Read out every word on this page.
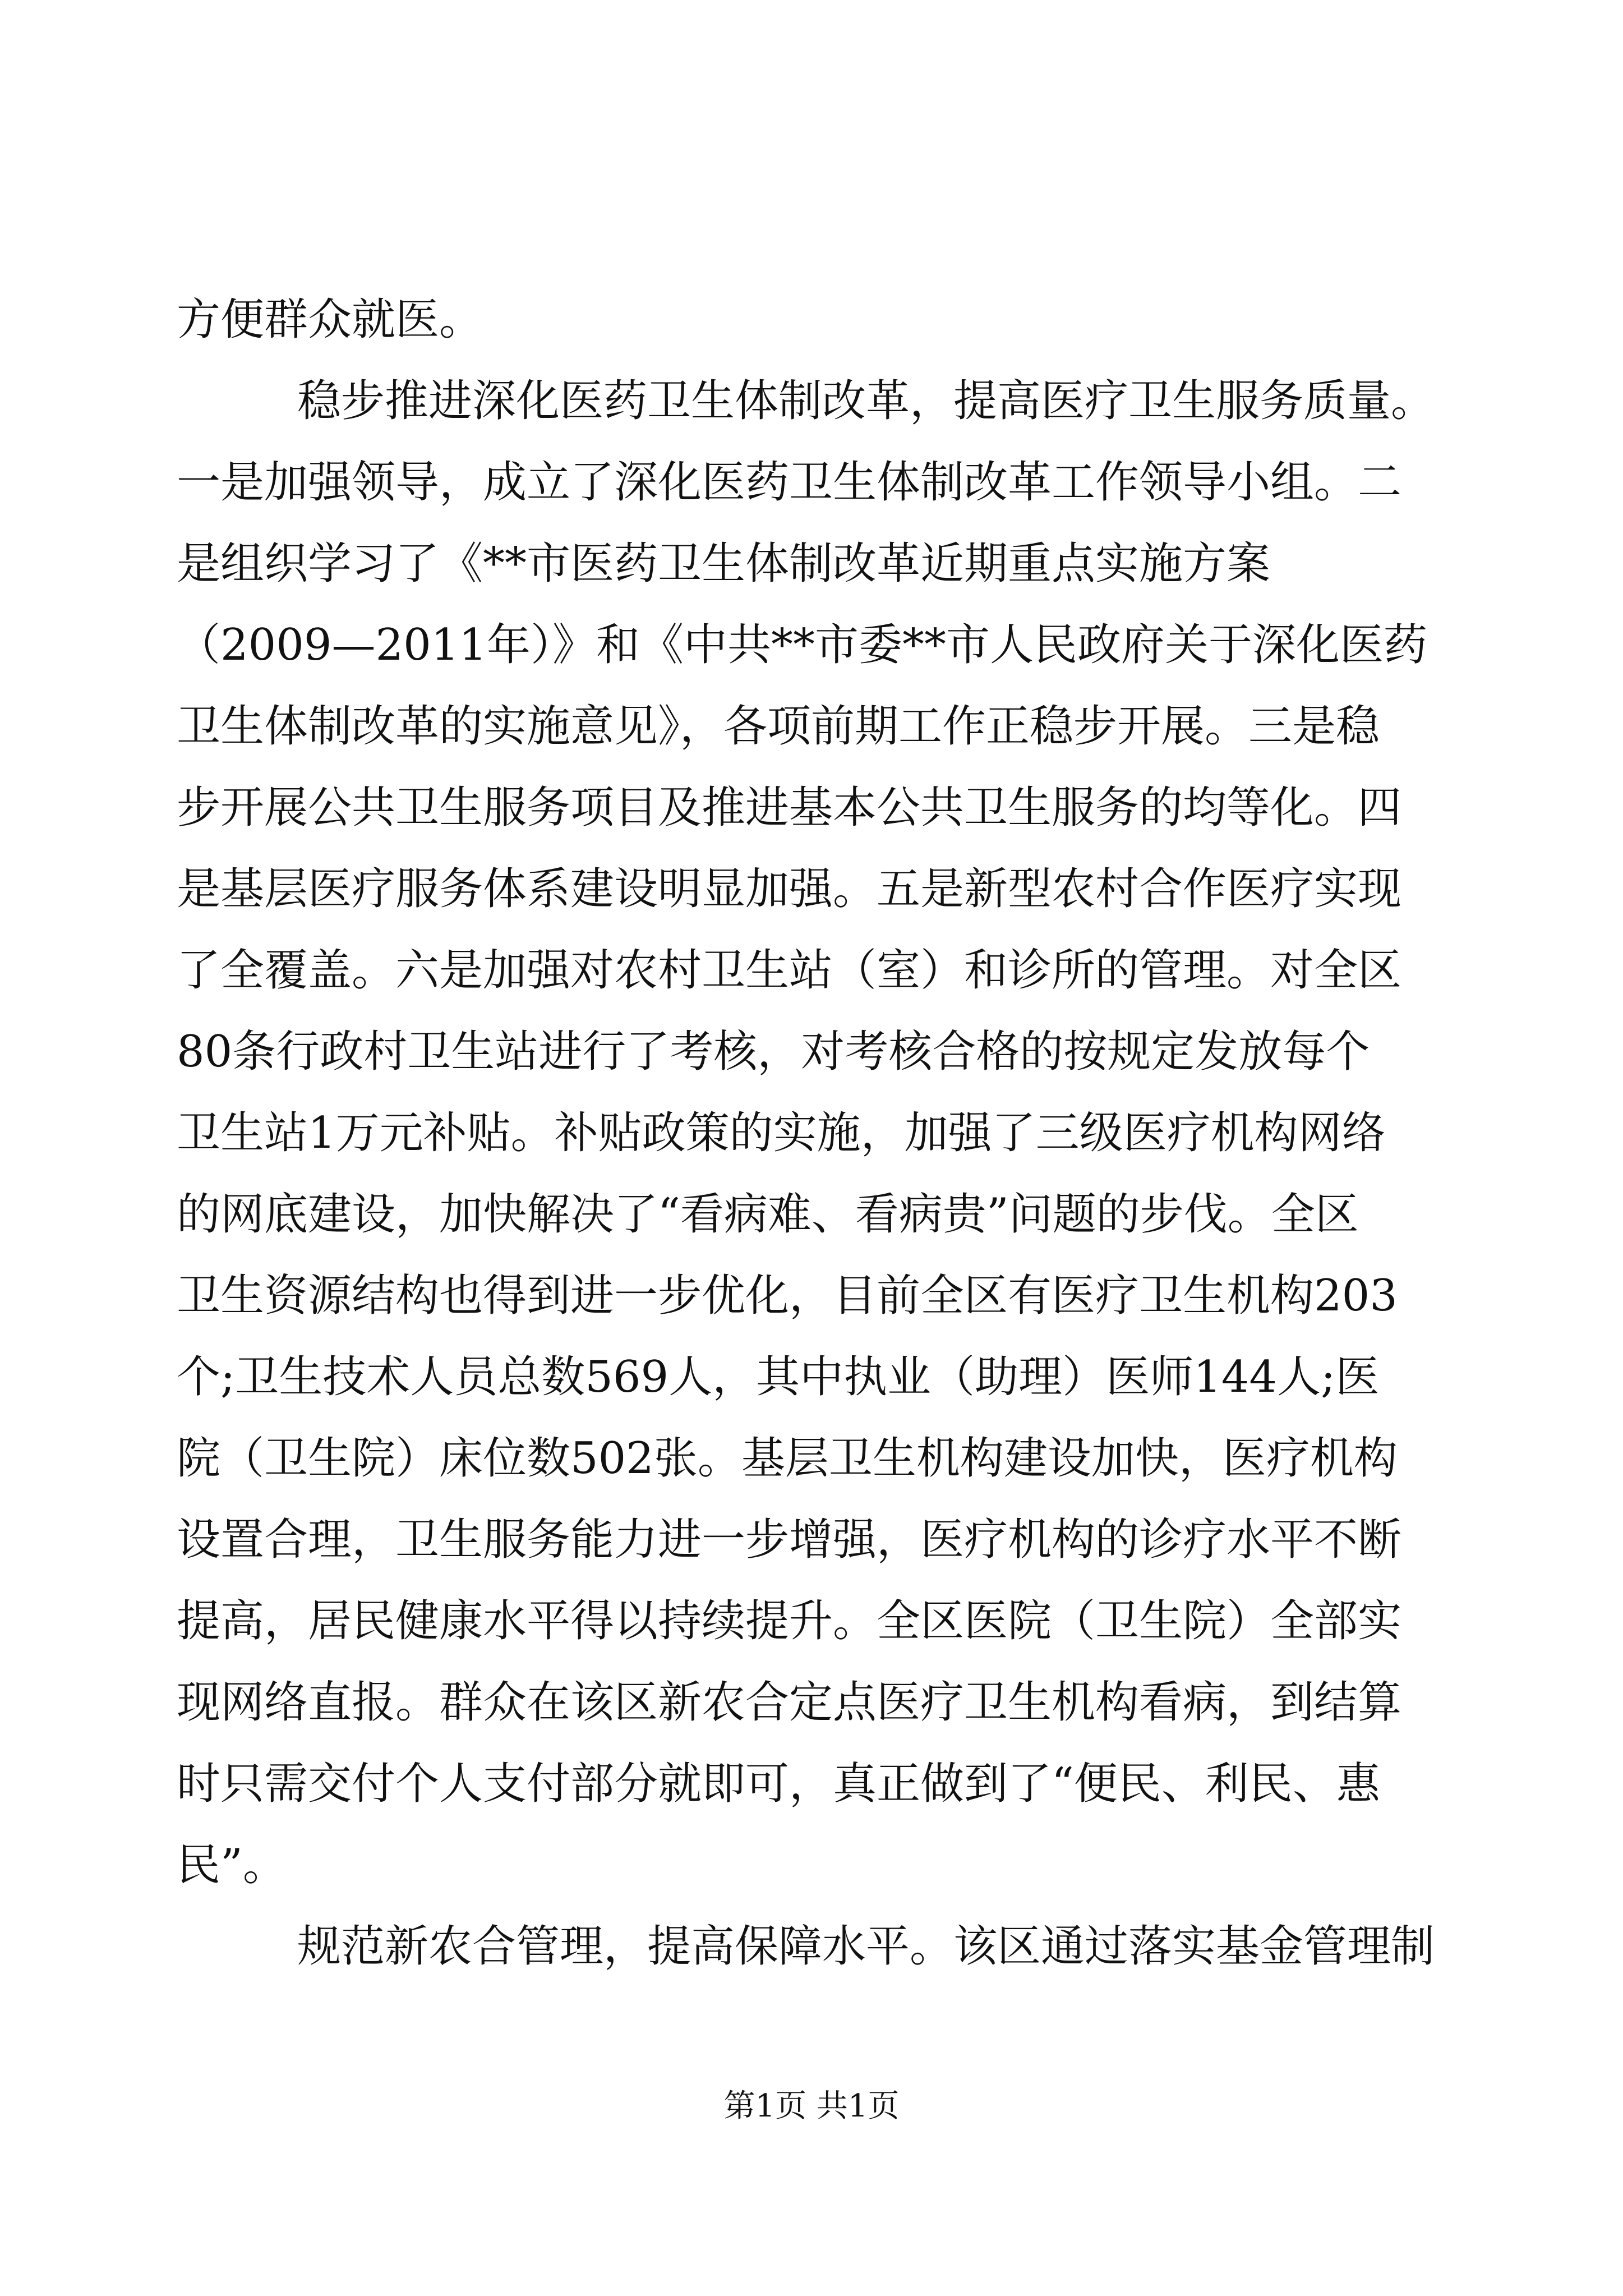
方便群众就医。
稳步推进深化医药卫生体制改革，提高医疗卫生服务质量。
一是加强领导，成立了深化医药卫生体制改革工作领导小组。二
是组织学习了《**市医药卫生体制改革近期重点实施方案
（2009—2011年）》和《中共**市委**市人民政府关于深化医药
卫生体制改革的实施意见》，各项前期工作正稳步开展。三是稳
步开展公共卫生服务项目及推进基本公共卫生服务的均等化。四
是基层医疗服务体系建设明显加强。五是新型农村合作医疗实现
了全覆盖。六是加强对农村卫生站（室）和诊所的管理。对全区
80条行政村卫生站进行了考核，对考核合格的按规定发放每个
卫生站1万元补贴。补贴政策的实施，加强了三级医疗机构网络
的网底建设，加快解决了“看病难、看病贵”问题的步伐。全区
卫生资源结构也得到进一步优化，目前全区有医疗卫生机构203
个;卫生技术人员总数569人，其中执业（助理）医师144人;医
院（卫生院）床位数502张。基层卫生机构建设加快，医疗机构
设置合理，卫生服务能力进一步增强，医疗机构的诊疗水平不断
提高，居民健康水平得以持续提升。全区医院（卫生院）全部实
现网络直报。群众在该区新农合定点医疗卫生机构看病，到结算
时只需交付个人支付部分就即可，真正做到了“便民、利民、惠
民”。
规范新农合管理，提高保障水平。该区通过落实基金管理制
第1页 共1页
